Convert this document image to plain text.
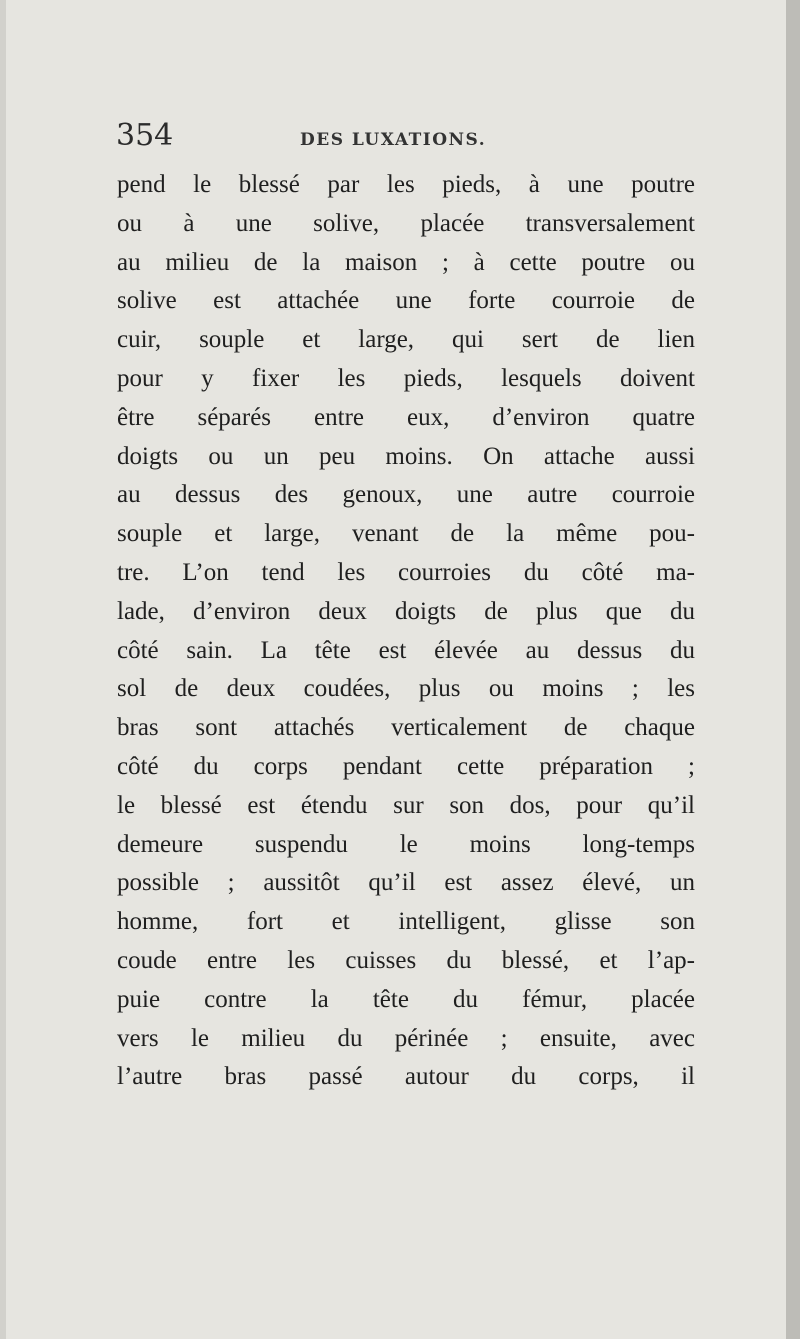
354	DES LUXATIONS.
pend le blessé par les pieds, à une poutre
ou à une solive, placée transversalement
au milieu de la maison ; à cette poutre ou
solive est attachée une forte courroie de
cuir, souple et large, qui sert de lien
pour y fixer les pieds, lesquels doivent
être séparés entre eux, d’environ quatre
doigts ou un peu moins. On attache aussi
au dessus des genoux, une autre courroie
souple et large, venant de la même pou-
tre. L’on tend les courroies du côté ma-
lade, d’environ deux doigts de plus que du
côté sain. La tête est élevée au dessus du
sol de deux coudées, plus ou moins ; les
bras sont attachés verticalement de chaque
côté du corps pendant cette préparation ;
le blessé est étendu sur son dos, pour qu’il
demeure suspendu le moins long-temps
possible ; aussitôt qu’il est assez élevé, un
homme, fort et intelligent, glisse son
coude entre les cuisses du blessé, et l’ap-
puie contre la tête du fémur, placée
vers le milieu du périnée ; ensuite, avec
l’autre bras passé autour du corps, il
